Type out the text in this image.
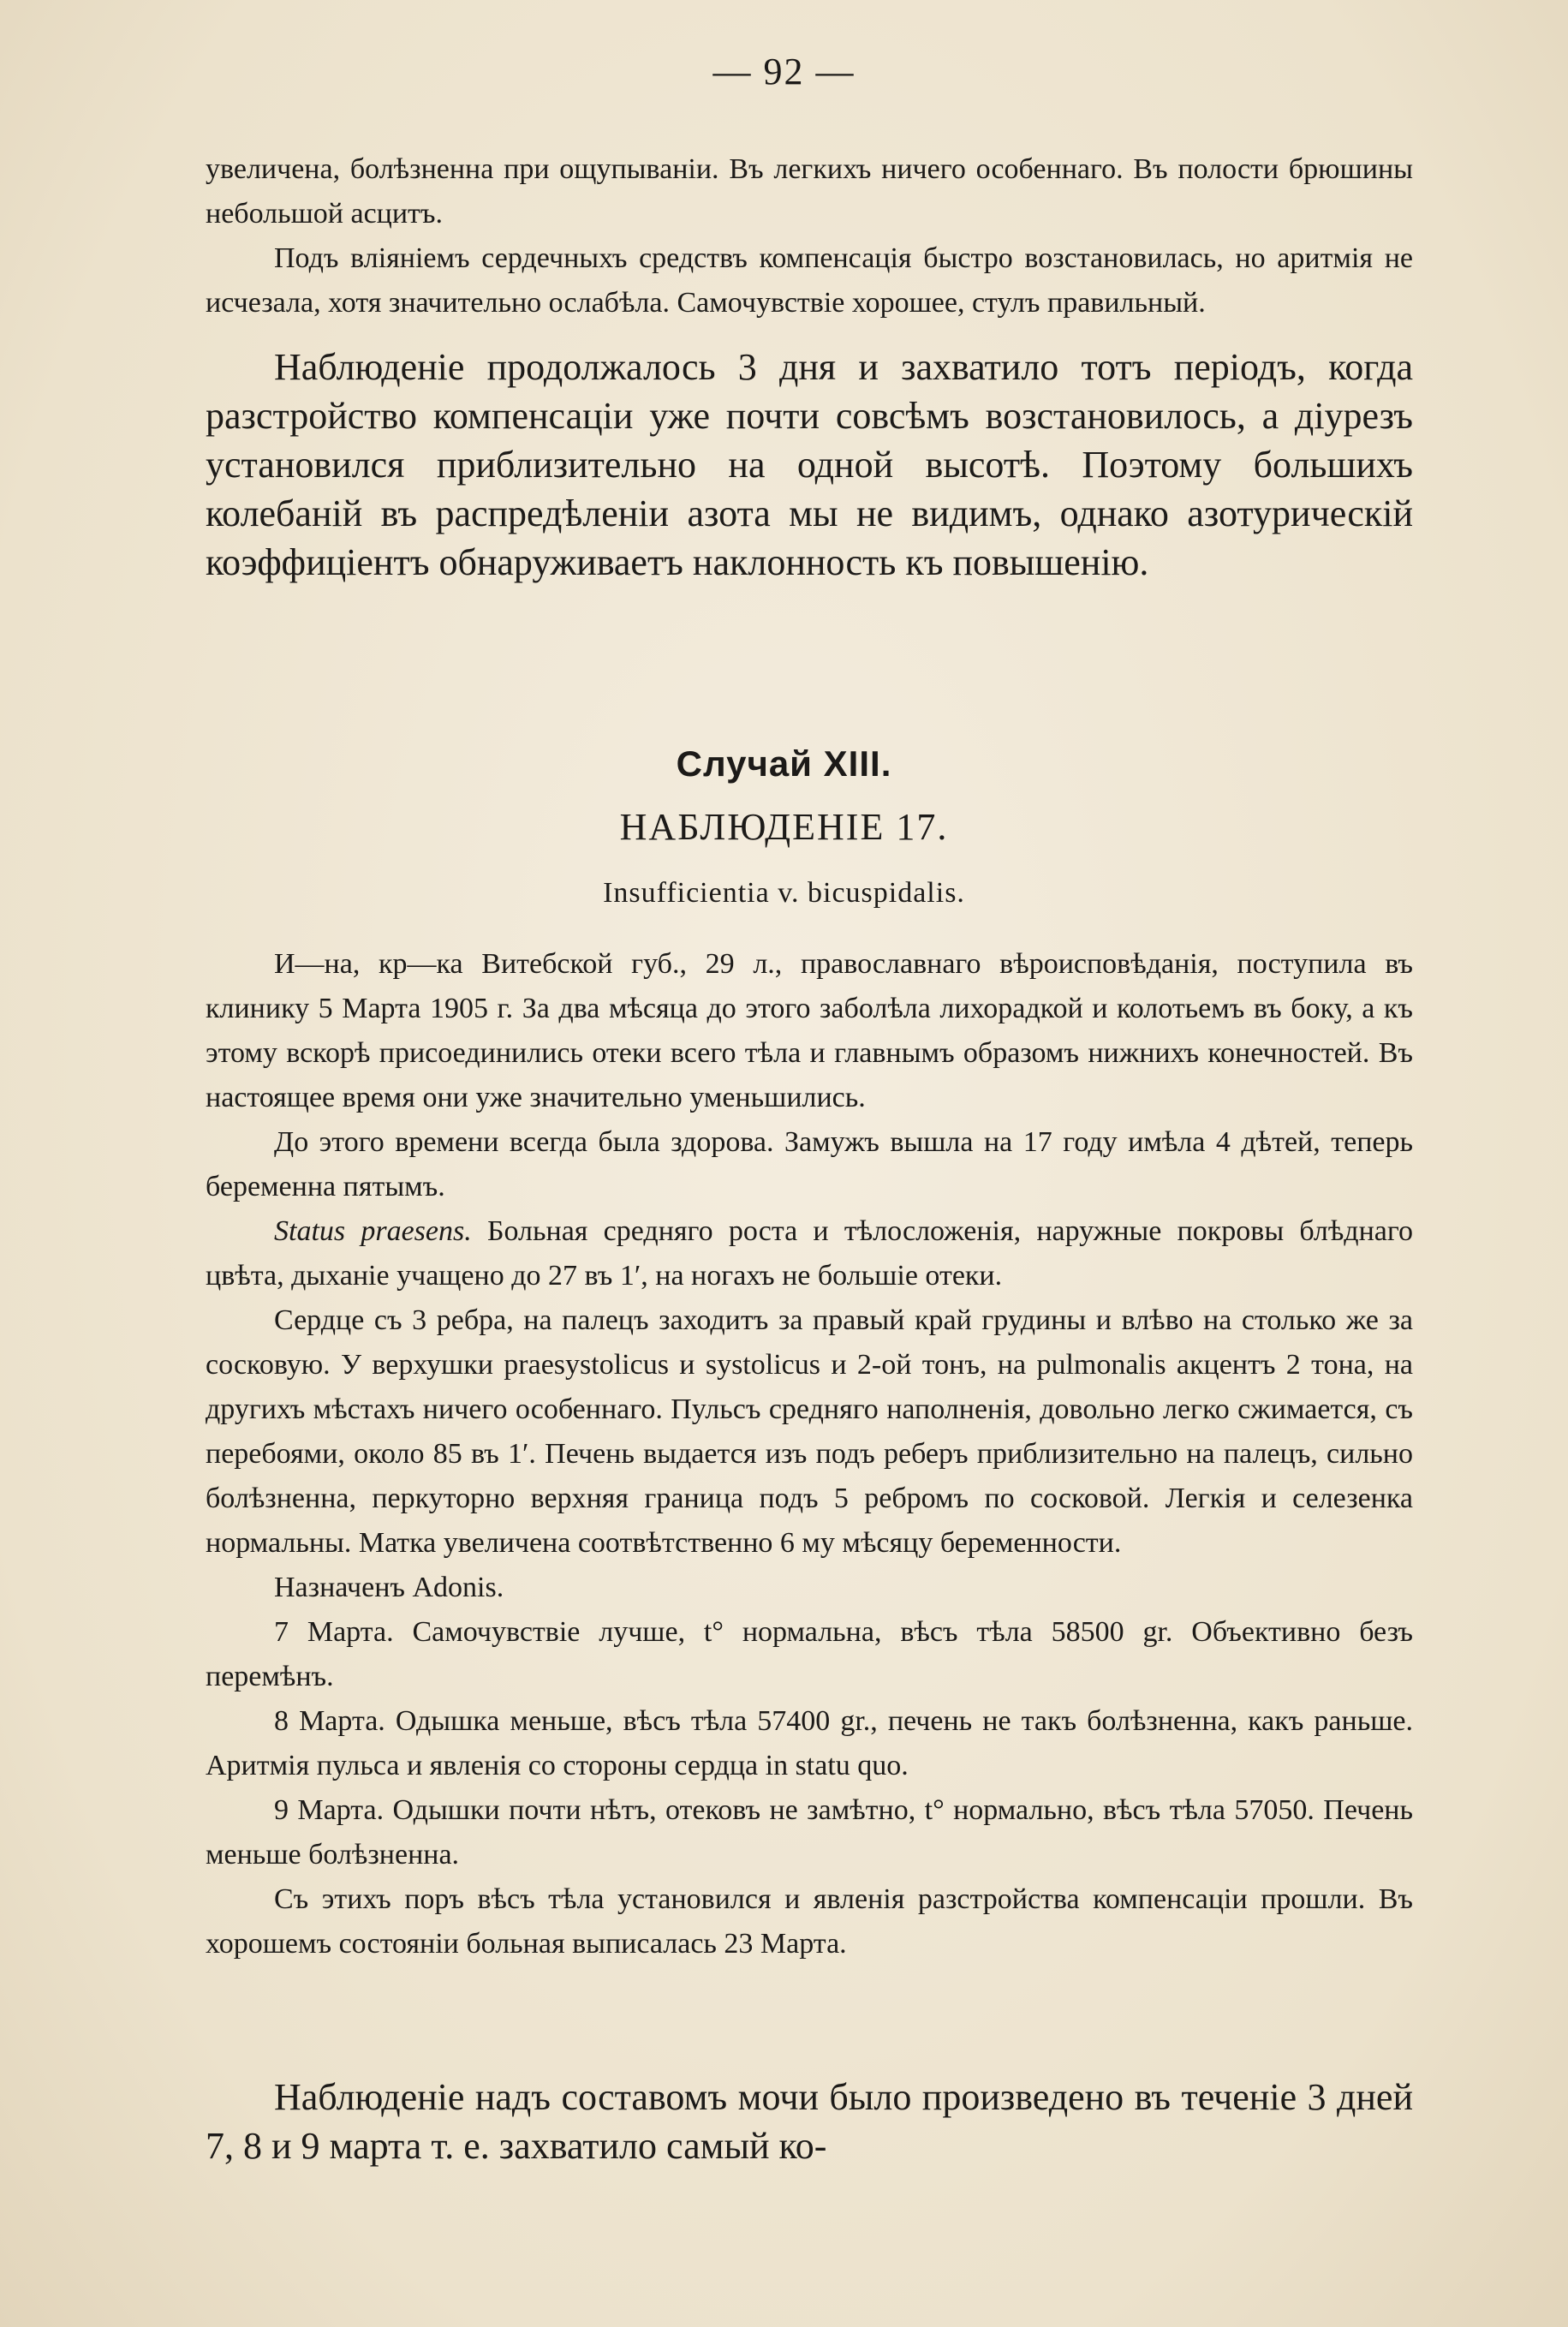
— 92 —

увеличена, болѣзненна при ощупываніи. Въ легкихъ ничего особеннаго. Въ полости брюшины небольшой асцитъ.

Подъ вліяніемъ сердечныхъ средствъ компенсація быстро возстановилась, но аритмія не исчезала, хотя значительно ослабѣла. Самочувствіе хорошее, стулъ правильный.

Наблюденіе продолжалось 3 дня и захватило тотъ періодъ, когда разстройство компенсаціи уже почти совсѣмъ возстановилось, а діурезъ установился приблизительно на одной высотѣ. Поэтому большихъ колебаній въ распредѣленіи азота мы не видимъ, однако азотурическій коэффиціентъ обнаруживаетъ наклонность къ повышенію.

Случай XIII.
НАБЛЮДЕНІЕ 17.
Insufficientia v. bicuspidalis.

И—на, кр—ка Витебской губ., 29 л., православнаго вѣроисповѣданія, поступила въ клинику 5 Марта 1905 г. За два мѣсяца до этого заболѣла лихорадкой и колотьемъ въ боку, а къ этому вскорѣ присоединились отеки всего тѣла и главнымъ образомъ нижнихъ конечностей. Въ настоящее время они уже значительно уменьшились.

До этого времени всегда была здорова. Замужъ вышла на 17 году имѣла 4 дѣтей, теперь беременна пятымъ.

Status praesens. Больная средняго роста и тѣлосложенія, наружные покровы блѣднаго цвѣта, дыханіе учащено до 27 въ 1′, на ногахъ не большіе отеки.

Сердце съ 3 ребра, на палецъ заходитъ за правый край грудины и влѣво на столько же за сосковую. У верхушки praesystolicus и systolicus и 2-ой тонъ, на pulmonalis акцентъ 2 тона, на другихъ мѣстахъ ничего особеннаго. Пульсъ средняго наполненія, довольно легко сжимается, съ перебоями, около 85 въ 1′. Печень выдается изъ подъ реберъ приблизительно на палецъ, сильно болѣзненна, перкуторно верхняя граница подъ 5 ребромъ по сосковой. Легкія и селезенка нормальны. Матка увеличена соотвѣтственно 6 му мѣсяцу беременности.

Назначенъ Adonis.

7 Марта. Самочувствіе лучше, t° нормальна, вѣсъ тѣла 58500 gr. Объективно безъ перемѣнъ.

8 Марта. Одышка меньше, вѣсъ тѣла 57400 gr., печень не такъ болѣзненна, какъ раньше. Аритмія пульса и явленія со стороны сердца in statu quo.

9 Марта. Одышки почти нѣтъ, отековъ не замѣтно, t° нормально, вѣсъ тѣла 57050. Печень меньше болѣзненна.

Съ этихъ поръ вѣсъ тѣла установился и явленія разстройства компенсаціи прошли. Въ хорошемъ состояніи больная выписалась 23 Марта.

Наблюденіе надъ составомъ мочи было произведено въ теченіе 3 дней 7, 8 и 9 марта т. е. захватило самый ко-
